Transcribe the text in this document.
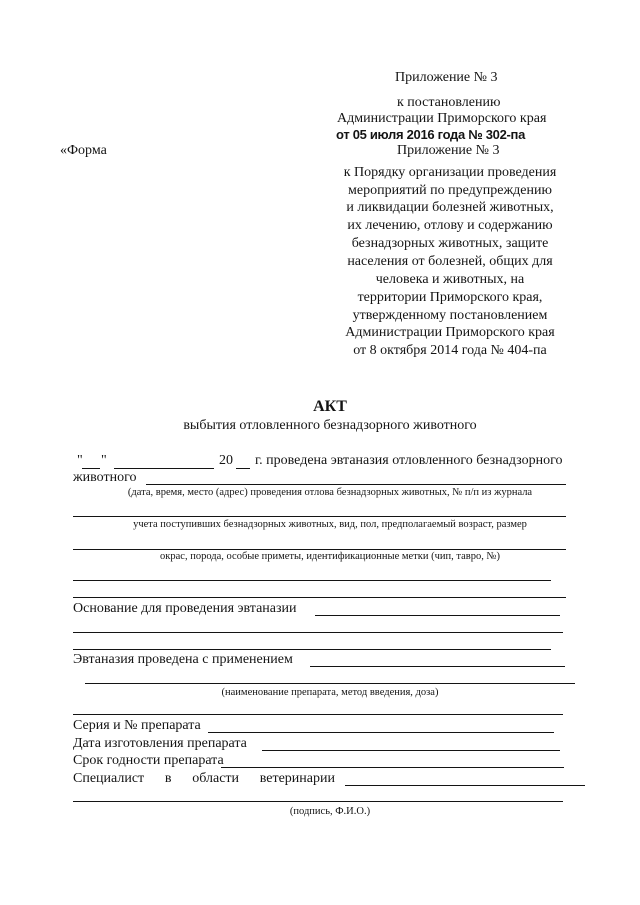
Приложение № 3
к постановлению
Администрации Приморского края
от 05 июля 2016 года № 302-па
«Форма	Приложение № 3
к Порядку организации проведения
мероприятий по предупреждению
и ликвидации болезней животных,
их лечению, отлову и содержанию
безнадзорных животных, защите
населения от болезней, общих для
человека и животных, на
территории Приморского края,
утвержденному постановлением
Администрации Приморского края
от 8 октября 2014 года № 404-па
АКТ
выбытия отловленного безнадзорного животного
" "	20 г. проведена эвтаназия отловленного безнадзорного
животного
(дата, время, место (адрес) проведения отлова безнадзорных животных, № п/п из журнала
учета поступивших безнадзорных животных, вид, пол, предполагаемый возраст, размер
окрас, порода, особые приметы, идентификационные метки (чип, тавро, №)
Основание для проведения эвтаназии
Эвтаназия проведена с применением
(наименование препарата, метод введения, доза)
Серия и № препарата
Дата изготовления препарата
Срок годности препарата
Специалист в области ветеринарии
(подпись, Ф.И.О.)
